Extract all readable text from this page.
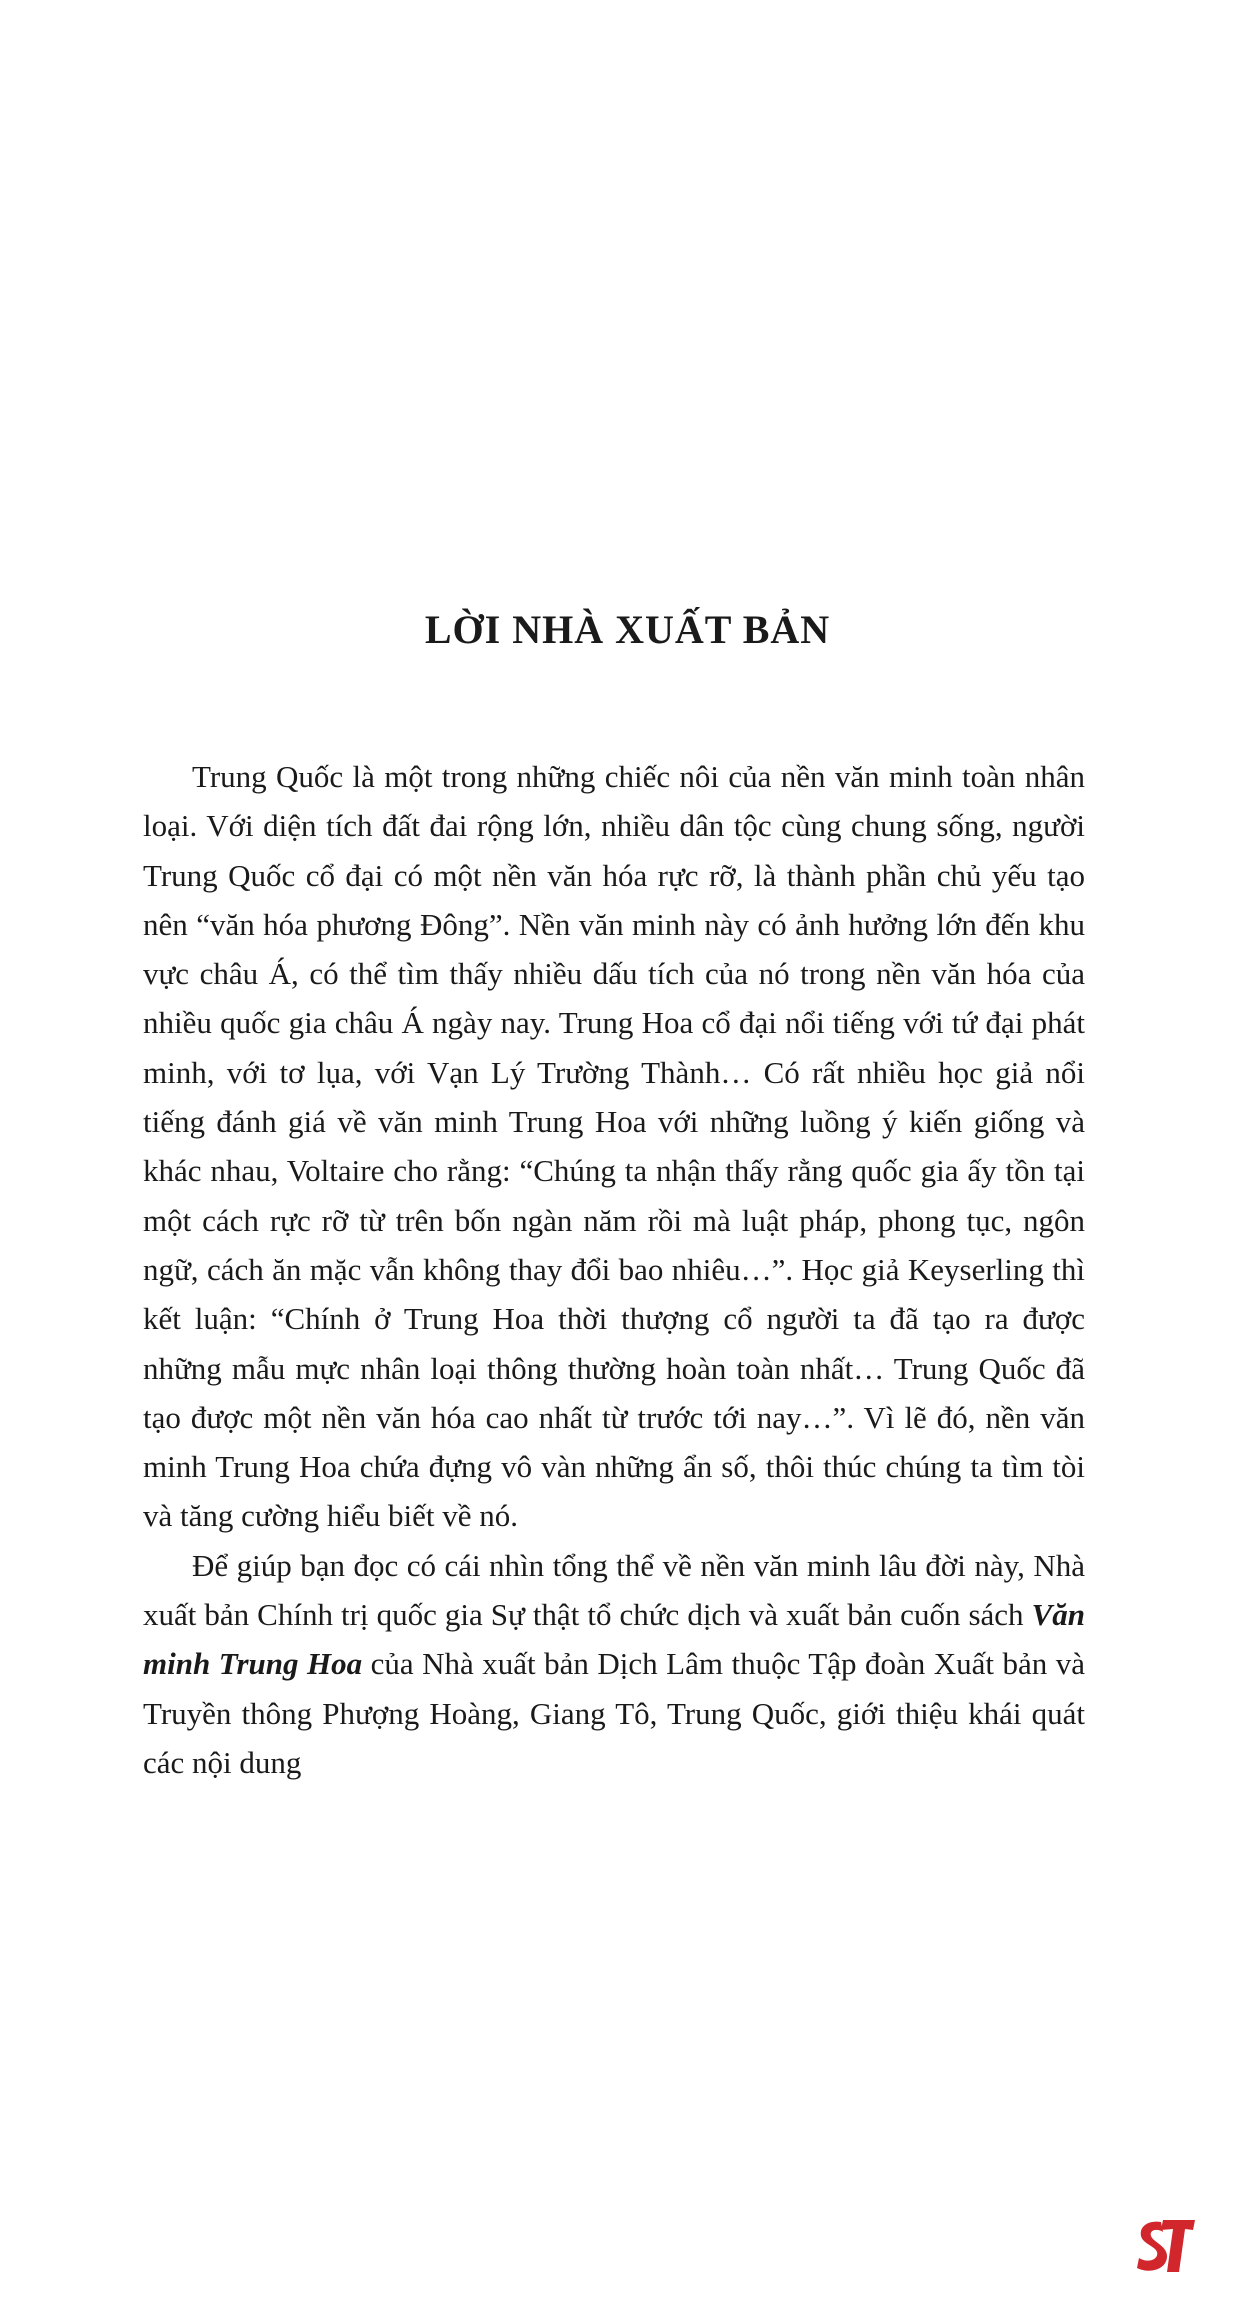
LỜI NHÀ XUẤT BẢN

Trung Quốc là một trong những chiếc nôi của nền văn minh toàn nhân loại. Với diện tích đất đai rộng lớn, nhiều dân tộc cùng chung sống, người Trung Quốc cổ đại có một nền văn hóa rực rỡ, là thành phần chủ yếu tạo nên “văn hóa phương Đông”. Nền văn minh này có ảnh hưởng lớn đến khu vực châu Á, có thể tìm thấy nhiều dấu tích của nó trong nền văn hóa của nhiều quốc gia châu Á ngày nay. Trung Hoa cổ đại nổi tiếng với tứ đại phát minh, với tơ lụa, với Vạn Lý Trường Thành… Có rất nhiều học giả nổi tiếng đánh giá về văn minh Trung Hoa với những luồng ý kiến giống và khác nhau, Voltaire cho rằng: “Chúng ta nhận thấy rằng quốc gia ấy tồn tại một cách rực rỡ từ trên bốn ngàn năm rồi mà luật pháp, phong tục, ngôn ngữ, cách ăn mặc vẫn không thay đổi bao nhiêu…”. Học giả Keyserling thì kết luận: “Chính ở Trung Hoa thời thượng cổ người ta đã tạo ra được những mẫu mực nhân loại thông thường hoàn toàn nhất… Trung Quốc đã tạo được một nền văn hóa cao nhất từ trước tới nay…”. Vì lẽ đó, nền văn minh Trung Hoa chứa đựng vô vàn những ẩn số, thôi thúc chúng ta tìm tòi và tăng cường hiểu biết về nó.

Để giúp bạn đọc có cái nhìn tổng thể về nền văn minh lâu đời này, Nhà xuất bản Chính trị quốc gia Sự thật tổ chức dịch và xuất bản cuốn sách Văn minh Trung Hoa của Nhà xuất bản Dịch Lâm thuộc Tập đoàn Xuất bản và Truyền thông Phượng Hoàng, Giang Tô, Trung Quốc, giới thiệu khái quát các nội dung
